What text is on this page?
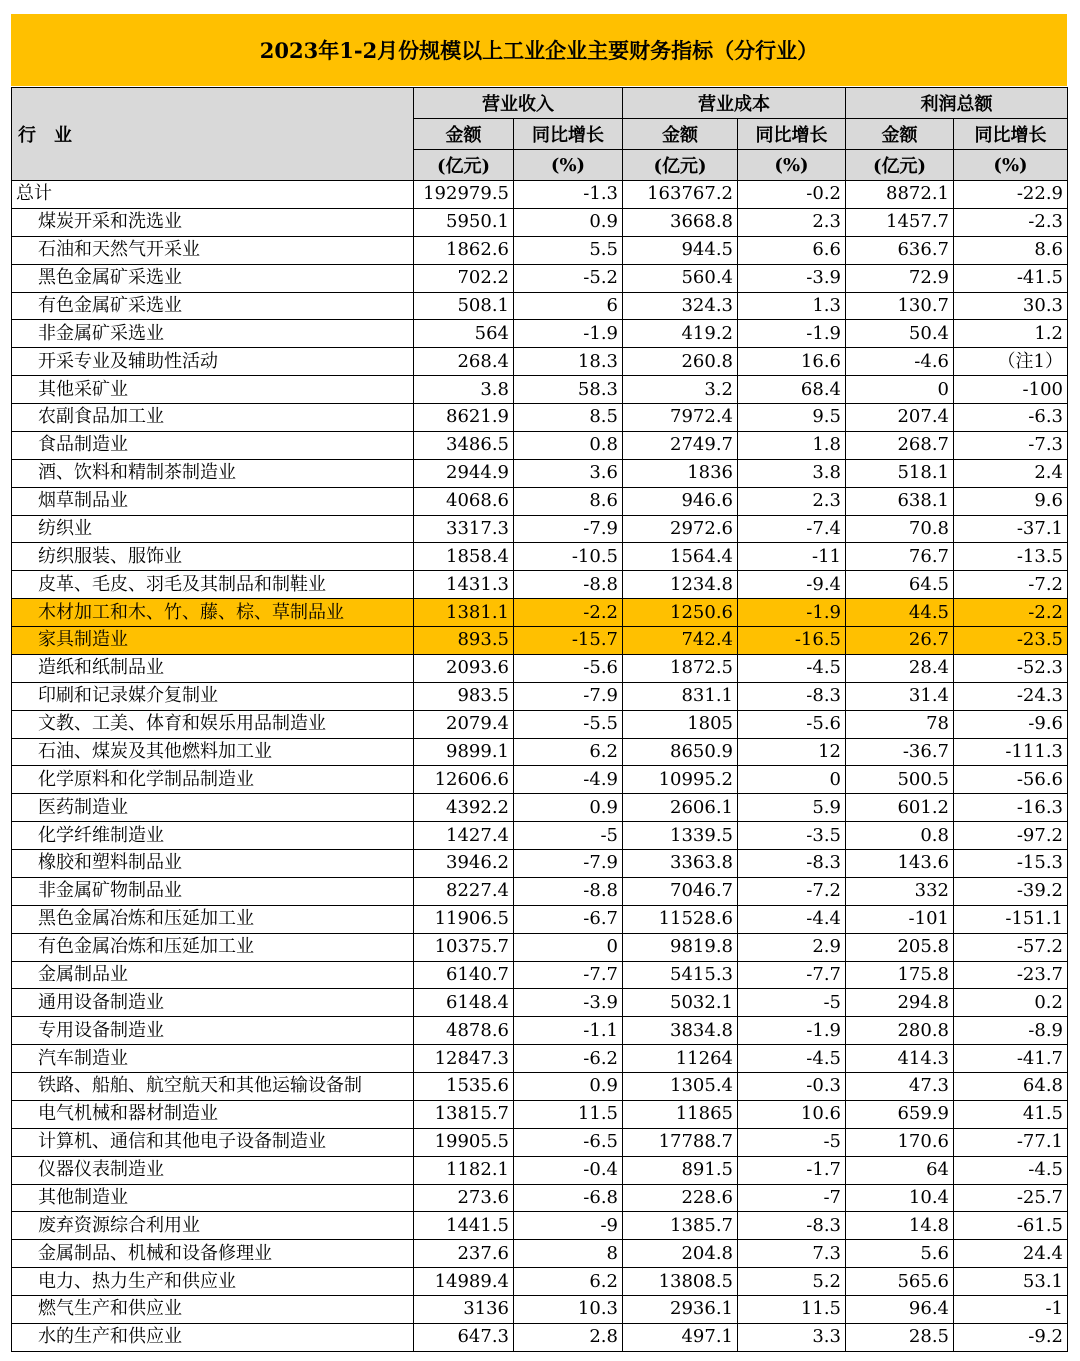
2023年1-2月份规模以上工业企业主要财务指标（分行业）
行　业	营业收入		营业成本		利润总额	
	金额	同比增长	金额	同比增长	金额	同比增长
	(亿元)	(%)	(亿元)	(%)	(亿元)	(%)
总计	192979.5	-1.3	163767.2	-0.2	8872.1	-22.9
煤炭开采和洗选业	5950.1	0.9	3668.8	2.3	1457.7	-2.3
石油和天然气开采业	1862.6	5.5	944.5	6.6	636.7	8.6
黑色金属矿采选业	702.2	-5.2	560.4	-3.9	72.9	-41.5
有色金属矿采选业	508.1	6	324.3	1.3	130.7	30.3
非金属矿采选业	564	-1.9	419.2	-1.9	50.4	1.2
开采专业及辅助性活动	268.4	18.3	260.8	16.6	-4.6	（注1）
其他采矿业	3.8	58.3	3.2	68.4	0	-100
农副食品加工业	8621.9	8.5	7972.4	9.5	207.4	-6.3
食品制造业	3486.5	0.8	2749.7	1.8	268.7	-7.3
酒、饮料和精制茶制造业	2944.9	3.6	1836	3.8	518.1	2.4
烟草制品业	4068.6	8.6	946.6	2.3	638.1	9.6
纺织业	3317.3	-7.9	2972.6	-7.4	70.8	-37.1
纺织服装、服饰业	1858.4	-10.5	1564.4	-11	76.7	-13.5
皮革、毛皮、羽毛及其制品和制鞋业	1431.3	-8.8	1234.8	-9.4	64.5	-7.2
木材加工和木、竹、藤、棕、草制品业	1381.1	-2.2	1250.6	-1.9	44.5	-2.2
家具制造业	893.5	-15.7	742.4	-16.5	26.7	-23.5
造纸和纸制品业	2093.6	-5.6	1872.5	-4.5	28.4	-52.3
印刷和记录媒介复制业	983.5	-7.9	831.1	-8.3	31.4	-24.3
文教、工美、体育和娱乐用品制造业	2079.4	-5.5	1805	-5.6	78	-9.6
石油、煤炭及其他燃料加工业	9899.1	6.2	8650.9	12	-36.7	-111.3
化学原料和化学制品制造业	12606.6	-4.9	10995.2	0	500.5	-56.6
医药制造业	4392.2	0.9	2606.1	5.9	601.2	-16.3
化学纤维制造业	1427.4	-5	1339.5	-3.5	0.8	-97.2
橡胶和塑料制品业	3946.2	-7.9	3363.8	-8.3	143.6	-15.3
非金属矿物制品业	8227.4	-8.8	7046.7	-7.2	332	-39.2
黑色金属冶炼和压延加工业	11906.5	-6.7	11528.6	-4.4	-101	-151.1
有色金属冶炼和压延加工业	10375.7	0	9819.8	2.9	205.8	-57.2
金属制品业	6140.7	-7.7	5415.3	-7.7	175.8	-23.7
通用设备制造业	6148.4	-3.9	5032.1	-5	294.8	0.2
专用设备制造业	4878.6	-1.1	3834.8	-1.9	280.8	-8.9
汽车制造业	12847.3	-6.2	11264	-4.5	414.3	-41.7
铁路、船舶、航空航天和其他运输设备制	1535.6	0.9	1305.4	-0.3	47.3	64.8
电气机械和器材制造业	13815.7	11.5	11865	10.6	659.9	41.5
计算机、通信和其他电子设备制造业	19905.5	-6.5	17788.7	-5	170.6	-77.1
仪器仪表制造业	1182.1	-0.4	891.5	-1.7	64	-4.5
其他制造业	273.6	-6.8	228.6	-7	10.4	-25.7
废弃资源综合利用业	1441.5	-9	1385.7	-8.3	14.8	-61.5
金属制品、机械和设备修理业	237.6	8	204.8	7.3	5.6	24.4
电力、热力生产和供应业	14989.4	6.2	13808.5	5.2	565.6	53.1
燃气生产和供应业	3136	10.3	2936.1	11.5	96.4	-1
水的生产和供应业	647.3	2.8	497.1	3.3	28.5	-9.2
